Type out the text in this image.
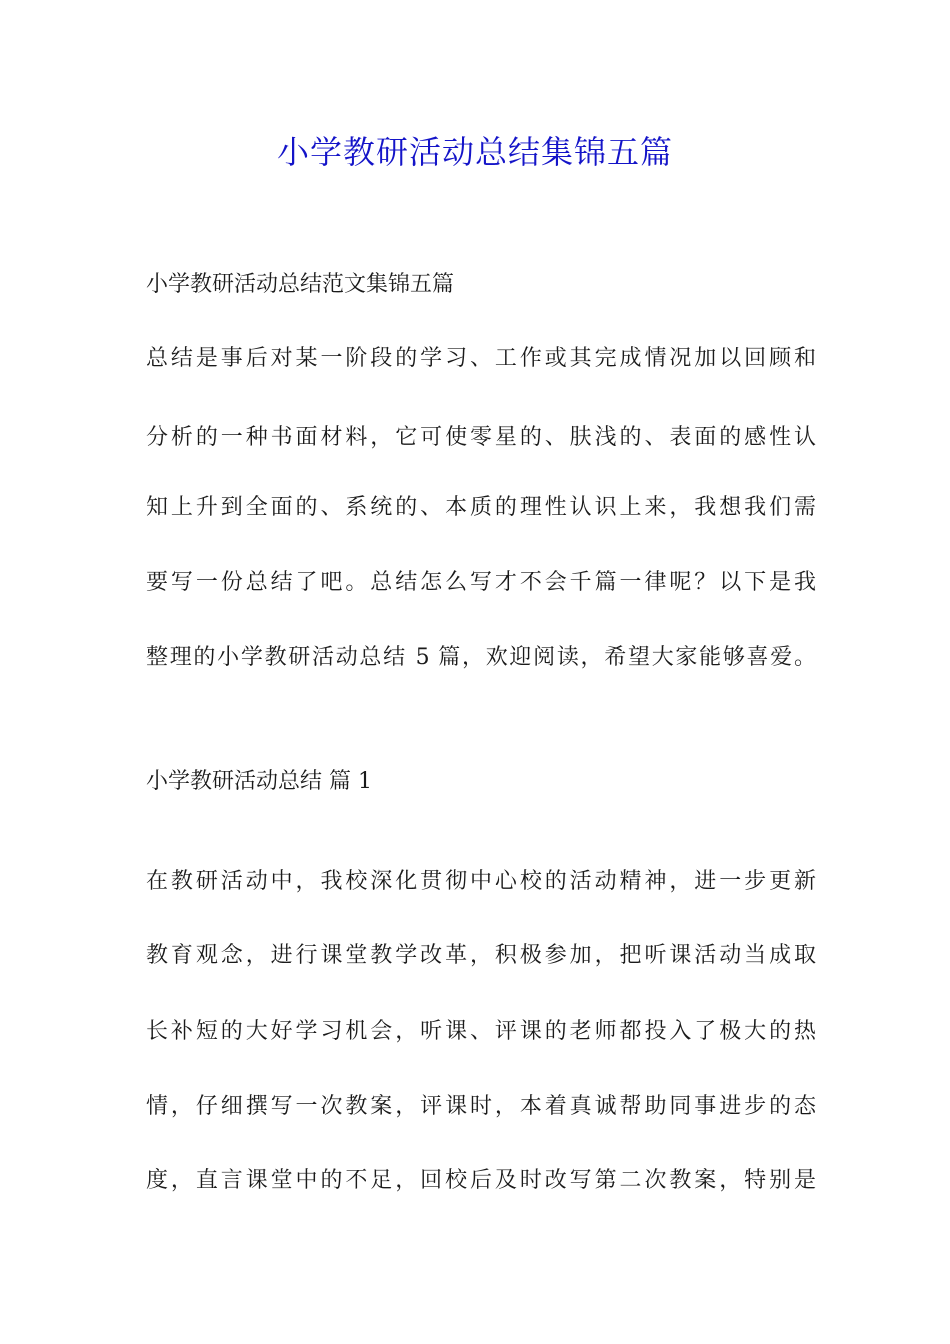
小学教研活动总结集锦五篇
小学教研活动总结范文集锦五篇
总结是事后对某一阶段的学习、工作或其完成情况加以回顾和
分析的一种书面材料，它可使零星的、肤浅的、表面的感性认
知上升到全面的、系统的、本质的理性认识上来，我想我们需
要写一份总结了吧。总结怎么写才不会千篇一律呢？以下是我
整理的小学教研活动总结 5 篇，欢迎阅读，希望大家能够喜爱。
小学教研活动总结 篇 1
在教研活动中，我校深化贯彻中心校的活动精神，进一步更新
教育观念，进行课堂教学改革，积极参加，把听课活动当成取
长补短的大好学习机会，听课、评课的老师都投入了极大的热
情，仔细撰写一次教案，评课时，本着真诚帮助同事进步的态
度，直言课堂中的不足，回校后及时改写第二次教案，特别是
